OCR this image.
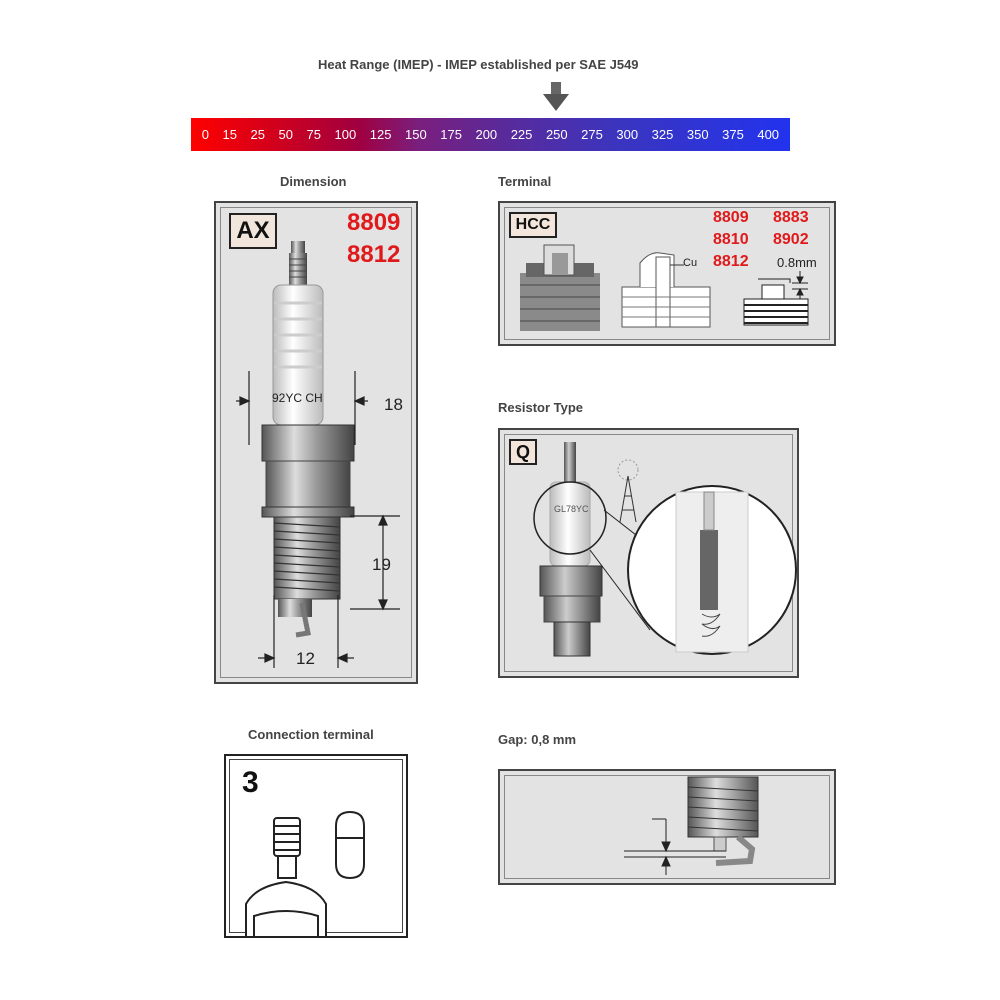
Heat Range (IMEP) - IMEP established per SAE J549
0 15 25 50 75 100 125 150 175 200 225 250 275 300 325 350 375 400
Dimension
AX	8809
8812
92YC CH	18
19
12
Terminal
HCC	8809 8883
8810 8902
8812
Cu	0.8mm
Resistor Type
Q
GL78YC
Connection terminal
3
Gap: 0,8 mm
